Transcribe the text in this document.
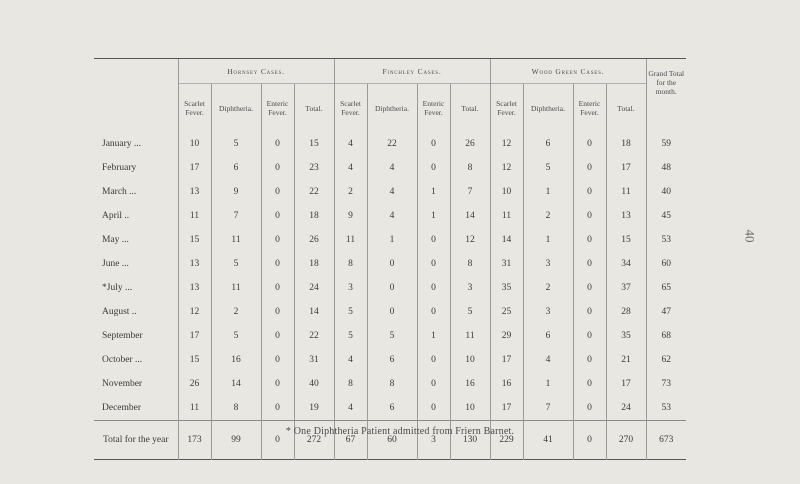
40

	Hornsey Cases.				Finchley Cases.				Wood Green Cases.				Grand Total for the month.
	Scarlet Fever.	Diphtheria.	Enteric Fever.	Total.	Scarlet Fever.	Diphtheria.	Enteric Fever.	Total.	Scarlet Fever.	Diphtheria.	Enteric Fever.	Total.	
January ...	10	5	0	15	4	22	0	26	12	6	0	18	59
February	17	6	0	23	4	4	0	8	12	5	0	17	48
March ...	13	9	0	22	2	4	1	7	10	1	0	11	40
April ..	11	7	0	18	9	4	1	14	11	2	0	13	45
May ...	15	11	0	26	11	1	0	12	14	1	0	15	53
June ...	13	5	0	18	8	0	0	8	31	3	0	34	60
*July ...	13	11	0	24	3	0	0	3	35	2	0	37	65
August ..	12	2	0	14	5	0	0	5	25	3	0	28	47
September	17	5	0	22	5	5	1	11	29	6	0	35	68
October ...	15	16	0	31	4	6	0	10	17	4	0	21	62
November	26	14	0	40	8	8	0	16	16	1	0	17	73
December	11	8	0	19	4	6	0	10	17	7	0	24	53
Total for the year	173	99	0	272	67	60	3	130	229	41	0	270	673

* One Diphtheria Patient admitted from Friern Barnet.
